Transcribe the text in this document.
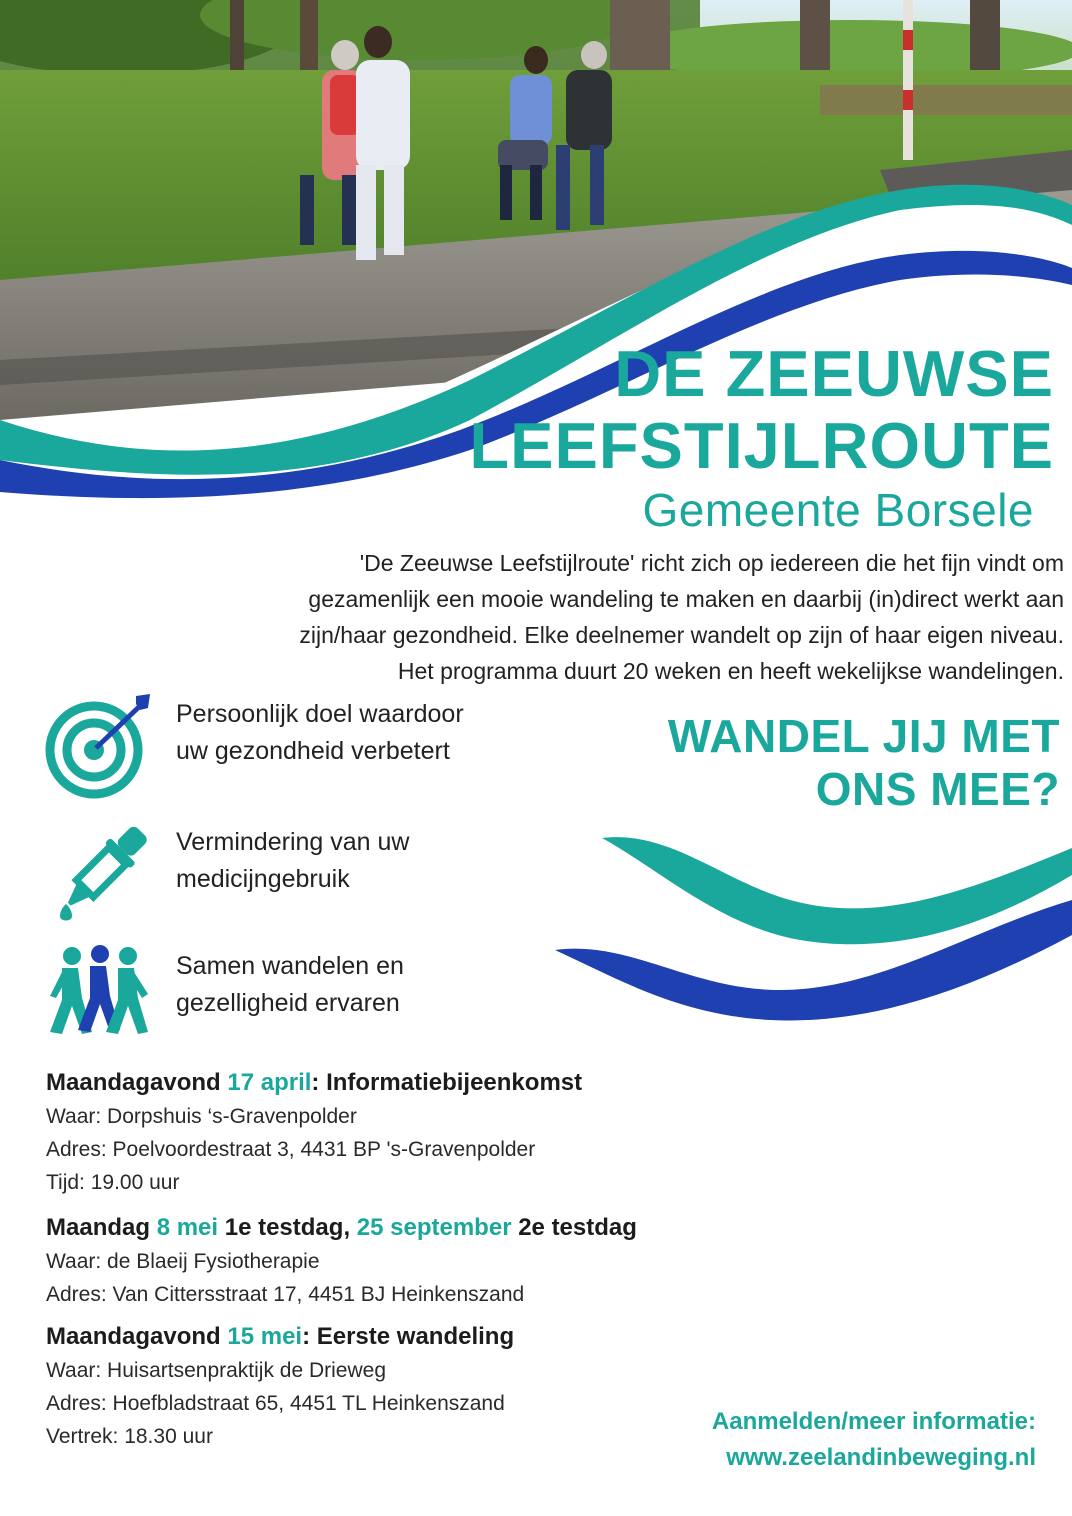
DE ZEEUWSE
LEEFSTIJLROUTE
Gemeente Borsele
'De Zeeuwse Leefstijlroute' richt zich op iedereen die het fijn vindt om
gezamenlijk een mooie wandeling te maken en daarbij (in)direct werkt aan
zijn/haar gezondheid. Elke deelnemer wandelt op zijn of haar eigen niveau.
Het programma duurt 20 weken en heeft wekelijkse wandelingen.
Persoonlijk doel waardoor
uw gezondheid verbetert
Vermindering van uw
medicijngebruik
Samen wandelen en
gezelligheid ervaren
WANDEL JIJ MET
ONS MEE?
Maandagavond 17 april: Informatiebijeenkomst
Waar: Dorpshuis ‘s-Gravenpolder
Adres: Poelvoordestraat 3, 4431 BP 's-Gravenpolder
Tijd: 19.00 uur
Maandag 8 mei 1e testdag, 25 september 2e testdag
Waar: de Blaeij Fysiotherapie
Adres: Van Cittersstraat 17, 4451 BJ Heinkenszand
Maandagavond 15 mei: Eerste wandeling
Waar: Huisartsenpraktijk de Drieweg
Adres: Hoefbladstraat 65, 4451 TL Heinkenszand
Vertrek: 18.30 uur
Aanmelden/meer informatie:
www.zeelandinbeweging.nl
